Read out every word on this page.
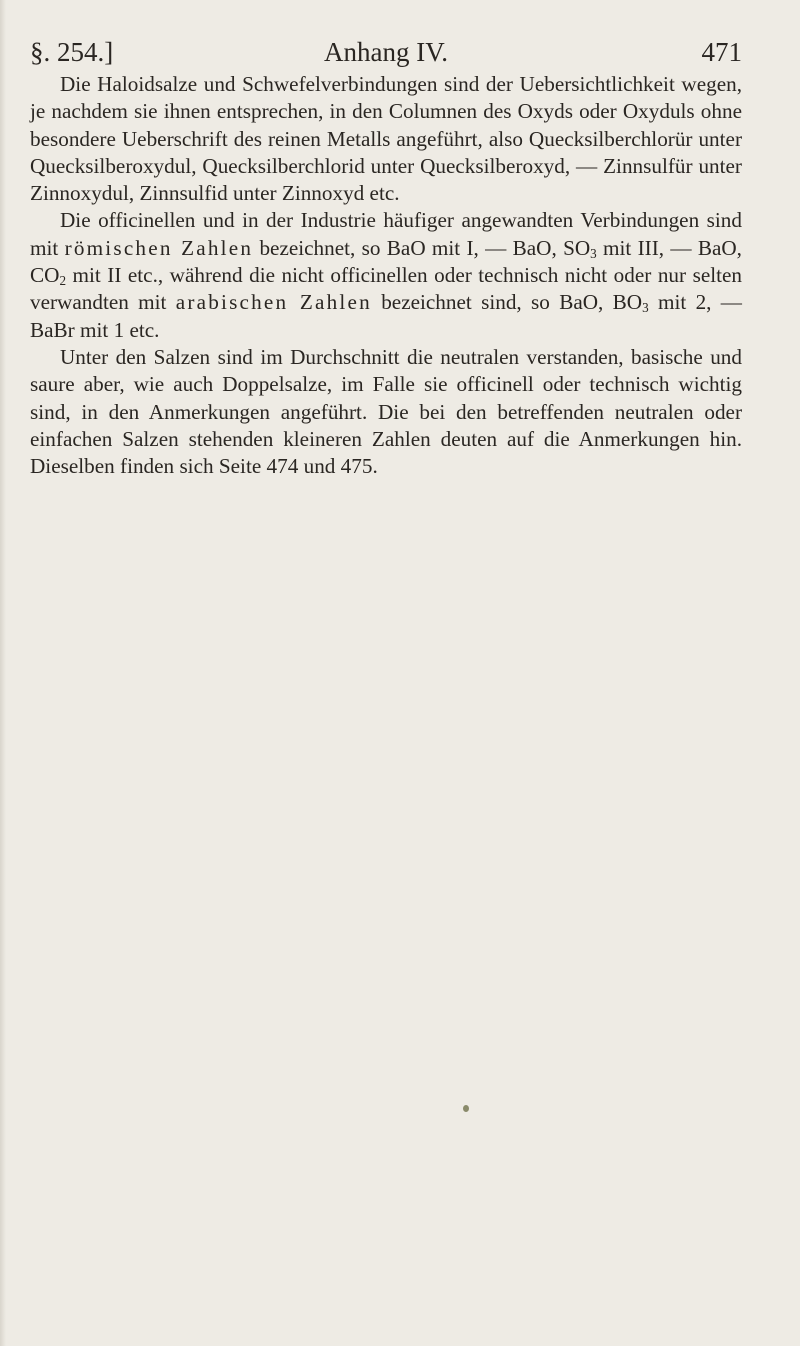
§. 254.]	Anhang IV.	471

Die Haloidsalze und Schwefelverbindungen sind der Uebersichtlichkeit wegen, je nachdem sie ihnen entsprechen, in den Columnen des Oxyds oder Oxyduls ohne besondere Ueberschrift des reinen Metalls angeführt, also Quecksilberchlorür unter Quecksilberoxydul, Quecksilberchlorid unter Quecksilberoxyd, — Zinnsulfür unter Zinnoxydul, Zinnsulfid unter Zinnoxyd etc.

Die officinellen und in der Industrie häufiger angewandten Verbindungen sind mit römischen Zahlen bezeichnet, so BaO mit I, — BaO, $SO_3$ mit III, — BaO, $CO_2$ mit II etc., während die nicht officinellen oder technisch nicht oder nur selten verwandten mit arabischen Zahlen bezeichnet sind, so BaO, $BO_3$ mit 2, — BaBr mit 1 etc.

Unter den Salzen sind im Durchschnitt die neutralen verstanden, basische und saure aber, wie auch Doppelsalze, im Falle sie officinell oder technisch wichtig sind, in den Anmerkungen angeführt. Die bei den betreffenden neutralen oder einfachen Salzen stehenden kleineren Zahlen deuten auf die Anmerkungen hin. Dieselben finden sich Seite 474 und 475.
